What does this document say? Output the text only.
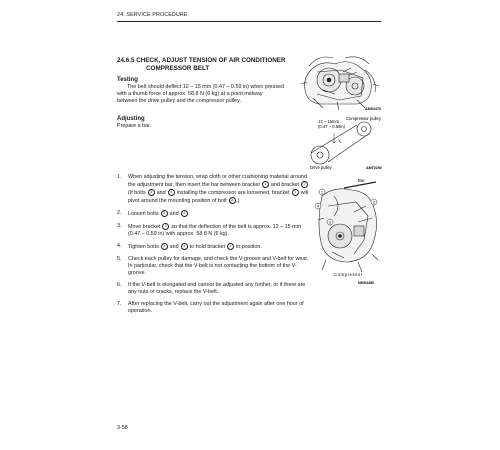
24. SERVICE PROCEDURE
24.6.5 CHECK, ADJUST TENSION OF AIR CONDITIONER
COMPRESSOR BELT
Testing
The belt should deflect 12 – 15 mm (0.47 – 0.59 in) when pressed
with a thumb force of approx. 58.8 N (6 kg) at a point midway
between the drive pulley and the compressor pulley.
Adjusting
Prepare a bar.
AMS3470
12 – 15mm
(0.47 – 0.59in)
Compressor pulley
Drive pulley	AMT0250
Bar
1
4
3
2
Compressor
NMS4480
1. When adjusting the tension, wrap cloth or other cushioning material around the adjustment bar, then insert the bar between bracket 1 and bracket 2 .
(If bolts 3 and 4 installing the compressor are loosened, bracket 1 will pivot around the mounting position of bolt 3 .)
2. Loosen bolts 3 and 4 .
3. Move bracket 1 so that the deflection of the belt is approx. 12 – 15 mm (0.47 – 0.59 in) with approx. 58.8 N (6 kg).
4. Tighten bolts 3 and 4 to hold bracket 1 in position.
5. Check each pulley for damage, and check the V-groove and V-belt for wear. In particular, check that the V-belt is not contacting the bottom of the V-groove.
6. If the V-belt is elongated and cannot be adjusted any further, or if there are any nuts or cracks, replace the V-belt.
7. After replacing the V-belt, carry out the adjustment again after one hour of operation.
3-58
